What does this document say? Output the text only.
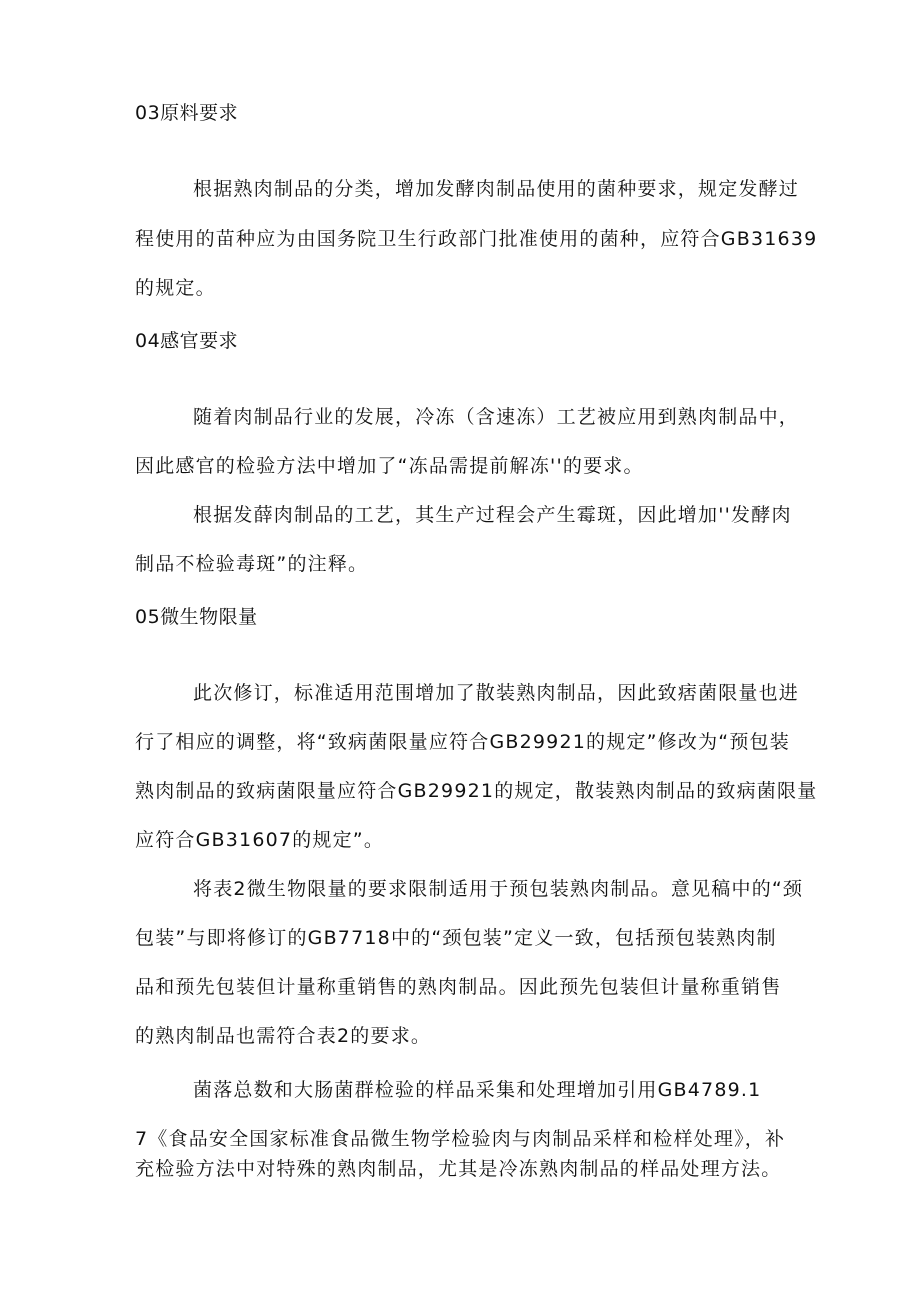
03原料要求

根据熟肉制品的分类，增加发酵肉制品使用的菌种要求，规定发酵过

程使用的苗种应为由国务院卫生行政部门批准使用的菌种，应符合GB31639

的规定。

04感官要求

随着肉制品行业的发展，冷冻（含速冻）工艺被应用到熟肉制品中，

因此感官的检验方法中增加了“冻品需提前解冻''的要求。

根据发薛肉制品的工艺，其生产过程会产生霉斑，因此增加''发酵肉

制品不检验毒斑”的注释。

05微生物限量

此次修订，标准适用范围增加了散装熟肉制品，因此致痞菌限量也进

行了相应的调整，将“致病菌限量应符合GB29921的规定”修改为“预包装

熟肉制品的致病菌限量应符合GB29921的规定，散装熟肉制品的致病菌限量

应符合GB31607的规定”。

将表2微生物限量的要求限制适用于预包装熟肉制品。意见稿中的“颈

包装”与即将修订的GB7718中的“颈包装”定义一致，包括预包装熟肉制

品和预先包装但计量称重销售的熟肉制品。因此预先包装但计量称重销售

的熟肉制品也需符合表2的要求。

菌落总数和大肠菌群检验的样品采集和处理增加引用GB4789.1

7《食品安全国家标准食品微生物学检验肉与肉制品采样和检样处理》，补

充检验方法中对特殊的熟肉制品，尤其是冷冻熟肉制品的样品处理方法。
